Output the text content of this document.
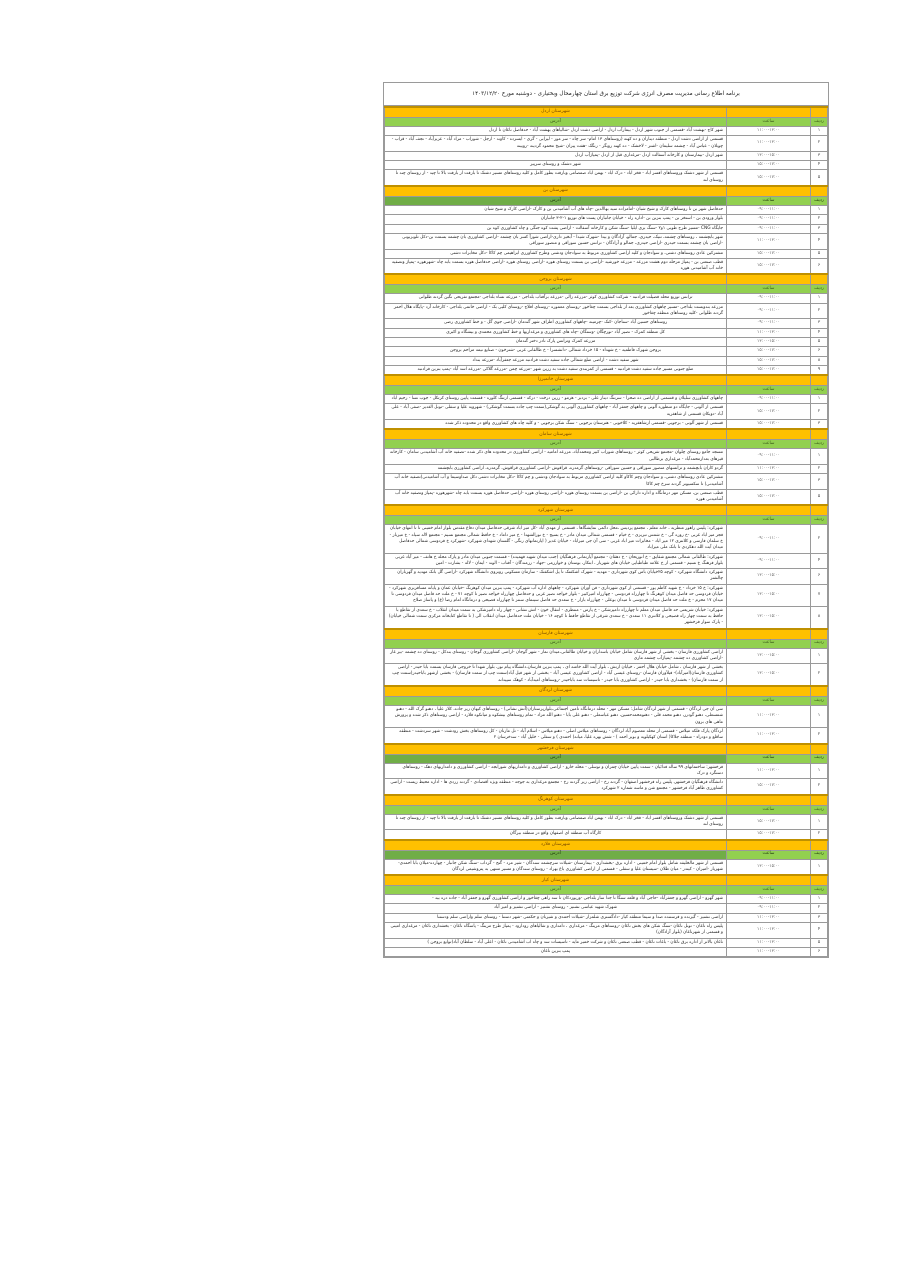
برنامه اطلاع رسانی مدیریت مصرف انرژی شرکت توزیع برق استان چهارمحال وبختیاری - دوشنبه مورخ ۱۴۰۳/۱۲/۲۰
		شهرستان اردل
ردیف	ساعت	آدرس
۱	۱۱:۰۰-۱۳:۰۰	شهر کاج -بهشت آباد -قسمتی از جنوب شهر اردل - بیمارآب اردل - اراضی دشت اردل -شالیاهای بهشت آباد - حدفاصل ناغان تا اردل
۲	۱۱:۰۰-۱۳:۰۰	قسمتی از اراضی دشت اردل - منطقه دیناران و ده کهنه (روستاهای ۱۳ امام- سر چاه - سر مور - لیرابی - گری - ایسرده - کاوند - ارجل - شوراب - مراد آباد - عزیزآباد - نجف آباد - قراب - چوبلان - عباس آباد - چشمه سلیمان -اشتر - لاخشک - ده کهنه رویگر - رنگک -هفت پیران -شیخ محمود گردینه -رویینه
۳	۱۳:۰۰-۱۵:۰۰	شهر اردل -بیمارستان و کارخانه آسفالت اردل -مرغداری قبل از اردل -پمپاژآب اردل
۴	۱۵:۰۰-۱۷:۰۰	شهر دشتک و روستای سرپیر
۵	۱۵:۰۰-۱۷:۰۰	قسمتی از شهر دشتک وروستاهای افسر اباد - فخر اباد - درک اباد - بهمن اباد صمصامی وبازفت بطور کامل و کلیه روستاهای مسیر دشتک تا بازفت از بازفت بالا تا چید - از روستای چند تا روستای لند
		شهرستان بن
ردیف	ساعت	آدرس
۱	۰۹:۰۰-۱۱:۰۰	حدفاصل شهر بن تا روستاهای کارک و شیخ شبان -امامزاده سید بهاالدین -چاه های آب آشامیدنی بن و کارک -اراضی کارک و شیخ شبان
۲	۰۹:۰۰-۱۱:۰۰	بلوار ورودی بن - استخر بن - پمپ بنزین بن -اداره راه - خیابان جانبازان پست های توزیع ۱-۲-۳ جانبازان
۳	۰۹:۰۰-۱۱:۰۰	جایگاه CNG -مسیر طرح طوبی ۱و۲ -سنگ بری ایلیا -سنگ شکن و کارخانه آسفالت - اراضی پشت کوه جنگی و چاه کشاورزی کوه بن
۴	۱۱:۰۰-۱۳:۰۰	شهر بابچشمه ، روستاهای چشمه، تنیک، حیدری، جمالو، آزادگان و بیدا -شهرک شیدا - آبخیز داری-اراضی شورآ کسر بان چشمه -اراضی کشاورزی بان چشمه بسمت بن-دکل تلویزیونی -اراضی بان چشمه بسمت حیدری -اراضی حیدری، جمالو و آزادگان - ترانس حسین سوراقی و منصور سوراقی
۵	۱۵:۰۰-۱۷:۰۰	مشترکین عادی روستاهای دشتی، و سوادجان و کلیه اراضی کشاورزی مربوط به سوادجان ودشتی وطرح کشاورزی ابراهیمی چم کاکا -دکل مخابرات دشتی
۶	۱۵:۰۰-۱۷:۰۰	قطب صنعتی بن - پمپاژ مرحله دوم هشت مزرعه - مزرعه خورشید -اراضی بن بسمت روستای هوره -اراضی روستای هوره -اراضی حدفاصل هوره بسمت بابه چاه -شهرهوره -پمپاژ وتصفیه خانه آب آشامیدنی هوره
		شهرستان بروجن
ردیف	ساعت	آدرس
۱	۰۹:۰۰-۱۱:۰۰	ترانس توزیع محله فضیلت فرادنبه - شرکت کشاورزی کوثر -مزرعه زالی -مزرعه برآفتاب بلداجی - مزرعه نساء بلداجی -مجتمع تفریحی نگین گردنه طلوانی
۲	۰۹:۰۰-۱۱:۰۰	مزرعه بندوبست بلداجی -مسیر چاههای کشاورزی بعد از بلداجی بسمت چغاخور -روستای معموره -روستای افلاج -روستای کلیی بک - اراضی خانمی بلداجی - کارخانه آرد -پایگاه هلال احمر گردنه طلوانی -کلیه روستاهای منطقه چغاخور
۳	۰۹:۰۰-۱۱:۰۰	روستاهای حسین آباد -ستاجان -کنک -چرمینه -چاههای کشاورزی اطراف شهر گندمان -اراضی جوی گل - و خط کشاورزی رضی
۴	۱۱:۰۰-۱۳:۰۰	کل منطقه کمرک - نصیر آباد -نورچگان -وستگان -چاه های کشاورزی و مرغداریها و خط کشاورزی محمدی و بیشگاه و اکبری
۵	۱۳:۰۰-۱۵:۰۰	مزرعه کمرک وترانس پارک نادر دختر گندمان
۶	۱۵:۰۰-۱۷:۰۰	بروجن شهرک فاطمیه - خ شهداء - ۱۵ خرداد شمالی -دانشسرا - خ طالقانی غربی -شترخون - صنایع نیمه مراحم بروجن
۸	۱۵:۰۰-۱۷:۰۰	شهر سفید دشت - اراضی ضلع شمالی جاده سفید دشت فرادنبه مزرعه جعفرآباد -مزرعه بنداد
۹	۱۵:۰۰-۱۷:۰۰	ضلع جنوبی مسیر جاده سفید دشت فرادنبه - قسمتی از کمربندی سفید دشت به زرین شهر -مزرعه چمن -مزرعه گلاکی -مزرعه اسد آباد -پمپ بنزین فرادنبه
		شهرستان خانمیرزا
ردیف	ساعت	آدرس
۱	۰۹:۰۰-۱۱:۰۰	چاههای کشاورزی سلیلان و قسمتی از اراضی ده صحرا - سرتنگ دینار علی - بردبر - هرمو - زرین درخت - درکه - قسمتی ازتنگ کلوره - قسمت پایین روستای کرتکل - جوب نسا - رحیم اباد
۲	۱۵:۰۰-۱۷:۰۰	قسمتی از آلونی - جایگاه دو منظوره آلونی و چاههای جعفر آباد - چاههای کشاورزی آلونی به گوشکی(سمت چپ جاده بسمت گوشکی) - شهرویه علیا و سفلی -تونل الغدیر -صفی آباد - علی آباد -دوبکان قسمتی از شاهغریه
۳	۱۵:۰۰-۱۷:۰۰	قسمتی از شهر آلونی - برجویی -قسمتی ازشاهغریه - کلاخوبی - هنرستان برجویی - سنگ شکن برجویی - و کلیه چاه های کشاورزی واقع در محدوده ذکر شده
		شهرستان سامان
ردیف	ساعت	آدرس
۱	۰۹:۰۰-۱۱:۰۰	مسجد جامع روستای چلوان -مجتمع تفریحی کوثر - روستاهای شوراب کبیر ومحمدآباد، مزرعه امامیه - اراضی کشاورزی در محدوده های ذکر شده -تصفیه خانه آب آشامیدنی سامان - کارخانه قیرهای بعدازمحمدآباد - مرغداری برطالبی
۲	۱۱:۰۰-۱۳:۰۰	گردو کاران بابچشمه و ترانسهای منصور سوراقی و حسین سوراقی -روستاهای گرمدره، قراقوش -اراضی کشاورزی قراقوش، گرمدره، اراضی کشاورزی بابچشمه
۳	۱۵:۰۰-۱۷:۰۰	مشترکین عادی روستاهای دشتی، و سوادجان وچم کاکاو کلیه اراضی کشاورزی مربوط به سوادجان ودشتی و چم کاکا -دکل مخابرات دشتی دکل صداوسیما و آب آشامیدنی(تصفیه خانه آب آشامیدنی) تا سکسیونر گردنه سرخ چم کاکا
۵	۱۵:۰۰-۱۷:۰۰	قطب صنعتی بن، مسکن مهر درمانگاه و اداره دارائی بن -اراضی بن بسمت روستای هوره -اراضی روستای هوره -اراضی حدفاصل هوره بسمت بابه چاه -شهرهوره -پمپاژ وتصفیه خانه آب آشامیدنی هوره
		شهرستان شهرکرد
ردیف	ساعت	آدرس
۲	۰۹:۰۰-۱۱:۰۰	شهرکرد: پلیس راهور منظریه ، خانه معلم ، مجتمع پردیس ،محل دائمی نمایشگاها ، قسمتی از مهدی آباد -کل میر اباد شرقی حدفاصل میدان دفاع مقدس بلوار امام خمینی تا تا انتهای خیابان فجر میر اباد غربی -خ روزه گی - خ شمس تبریزی - خ خیام - قسمتی شمالی میدان مادر - خ بسیج - خ نورالشهدا - خ میر داماد - خ حافظ شمالی مجتمع نسیم - مجتمع لاله سیاه - خ میرباز - خ سلمان فارسی و کلانتری ۱۲ میر اباد - مخابرات میر اباد غربی - سی آن جی میراباد - خیابان غدیر ( اپارتمانهای رنگی - گلستان شهدای شهرکرد -شهرکرد خ فردوسی شمالی حدفاصل میدان آیت الله دهکردی تا بانک ملی میراباد
۴	۰۹:۰۰-۱۱:۰۰	شهرکرد: طالقانی شمالی مجتمع شقایق - خ انوریحان - خ دهقان - مجتمع آپارتمانی فرهنگیان (جنب میدان شهید فهمیده) - قسمت جنوبی میدان مادر و پارک محله خ هاتف - میر آباد غربی بلوار فرهنگ خ نسیم - قسمتی از خ علامه طباطبایی خیابان های شهریار ، ابتکار، بوستان و خوارزمی -جهاد - رزمندگان - آفتاب - الوند - ایمان - لاله - بشارت - امین
۶	۱۳:۰۰-۱۵:۰۰	شهرکرد دانشگاه شهرکرد - کوچه ۲۵خیابان باس کوی شهرداری - مهدیه - شهرک اشکفتک تا پل اشکفتک - سازمان مسکونی روبروی دانشگاه شهرکرد -اراضی گل بانک مهدیه و گهرباران چالشتر
۷	۱۳:۰۰-۱۵:۰۰	شهرکرد: خ ۱۵ خرداد - خ شهید کاظم پور - قسمتی از کوی شهرداری - فن آوران شهرکرد - چاههای اداره آب شهرکرد - پمپ بنزین میدان کوهرنگ -خیابان عمان و پایانه مسافربری شهرکرد - خیابان فردوسی حد فاصل میدان کوهرنگ تا چهارراه فردوسی - چهارراه امیرکبیر - بلوار خواجه نصیر غربی و حدفاصل چهارراه خواجه نصیر تا کوچه ۷۱ - خ ملت حد فاصل میدان فردوسی تا میدان ۱۷ محرم - خ ملت حد فاصل میدان فردوسی تا میدان بوعلی - چهارراه بازار - خ سعدی حد فاصل سینمای سنتز تا چهارراه فصیحی و درمانگاه امام رضا (ع) و پاساژ صلاح
۸	۱۳:۰۰-۱۵:۰۰	شهرکرد: خیابان شریعتی حد فاصل میدان معلم تا چهارراه دامپزشکی - خ پارس - منتظری - انتقال خون - اتش نشانی - چهار راه دامپزشکی به سمت میدان انقلاب - خ سعدی از تقاطع با حافظ به سمت چهار راه فصیحی و کلانتری ۱۱ سعدی - خ سعدی شرقی از تقاطع حافظ تا کوچه ۱۶ - خیابان ملت حدفاصل میدان انقلاب الی ( تا تقاطع کتابخانه مرکزی سمت شمالی خیابان) - پارک سوار فرخشهر
		شهرستان فارسان
ردیف	ساعت	آدرس
۱	۱۳:۰۰-۱۵:۰۰	اراضی کشاورزی فارسان - بخشی از شهر فارسان شامل خیابان باسداران و خیابان طالقانی،میدان نماز - شهر گوجان -اراضی کشاورزی گوجان - روستای بندکل - روستای ده چشمه -بیر غار -اراضی کشاورزی ده چشمه -پمپاژآب چشمه ماری
۲	۱۳:۰۰-۱۵:۰۰	بخشی از شهر فارسان ، شامل خیابان هلال احمر ، خیابان ارتش ، بلوار آیت الله خامنه ای ، پمپ بنزین فارسان،دانشگاه پیام نور، بلوار شهدا تا خروجی فارسان بسمت بابا حیدر - اراضی کشاورزی فارسان(امیرآباد)- فیلآوران فارسان -روستای عیسی آباد - اراضی کشاورزی عیسی آباد - بخشی از شهر فیل آباد(سمت چپ از سمت فارسان) - بخشی ازشهر باباحیدر(سمت چپ از سمت فارسان) - بخشداری بابا حیدر - اراضی کشاورزی بابا حیدر - تاسیسات سد باباحیدر -روستاهای امیدآباد - کوهک سپیدانه
		شهرستان لردگان
ردیف	ساعت	آدرس
۱	۱۱:۰۰-۱۳:۰۰	سی ان جی لردگان - قسمتی از شهر لردگان شامل: مسکن مهر - محله درمانگاه تامین اجتماعی،بلوارپرستاران(آتش نشانی) - روستاهای کیهان زیر جاده، کلار علیا ، دهنو گرک الله - دهنو شمسعلی، دهنو گودرز، دهنو محمد قلی - دهنومحمدحسین، دهنو عباسعلی - دهنو علی بابا - دهنو الله مراد - تمام روستاهای بیشکوه و میانکوه فلارد - اراضی روستاهای ذکر شده و پرورش ماهی های برون
۲	۱۱:۰۰-۱۳:۰۰	لردگان پارک فلکه میلاس - قسمتی از محله معصوم آباد لردگان - روستاهای میلاس اصلی - دهنو میلاس - اسلام آباد - تل مارنان - کل روستاهای بخش رودشت - شهر سردشت - منطقه ساقلع و دودراء - منطقه جلاکا( استان کهکیلویه و بویر احمد ) - شش بهره علیا، میانه( احمدی ) و سفلی - خلیل آباد - سدخرسان ۲
		شهرستان فرخشهر
ردیف	ساعت	آدرس
۱	۱۱:۰۰-۱۳:۰۰	فرخشهر: ساختمانهای ۹۹ ساله فدائیان - سمت پایین خیابان چمران و توسلی - محله خارو - اراضی کشاورزی و دامداریهای شورابجه - اراضی کشاورزی و دامداریهای دهک - روستاهای دستگرد و درک
۲	۱۵:۰۰-۱۷:۰۰	دانشگاه فرهنگیان فرخشهر، پلیس راه فرخشهر اصفهان - گردنه رخ - اراضی زیر گردنه رخ - مجتمع مرغداری به جوجه - منطقه ویژه اقتصادی - گردنه زردی ها - اداره محیط زیست - اراضی کشاورزی طاهر آباد فرخشهر - مجتمع شن و ماسه شماره ۲ شهرکرد
		شهرستان کوهرنگ
ردیف	ساعت	آدرس
۱	۱۵:۰۰-۱۷:۰۰	قسمتی از شهر دشتک وروستاهای افسر اباد - فخر اباد - درک اباد - بهمن اباد صمصامی وبازفت بطور کامل و کلیه روستاهای مسیر دشتک تا بازفت از بازفت بالا تا چید - از روستای چند تا روستای لند
۲	۱۵:۰۰-۱۷:۰۰	کارگاه آب منطقه ای اصفهان واقع در منطقه بیرگان
		شهرستان فلارد
ردیف	ساعت	آدرس
۱	۱۳:۰۰-۱۵:۰۰	قسمتی از شهر مالخلیفه شامل بلوار امام خمینی - اداره برق -بخشداری - بیمارستان -شیلات سرچشمه سندگان - شیر مرد - گنج - گرداب -سنگ شکن جانباز - چهارده-میلان بابا احمدی-شهریار -امیران - کیتدر - میان طلان -سیستان علیا و سفلی - قسمتی از اراضی کشاورزی باغ بهراد - روستای سندگان و مسیر منتهی به پتروشیمی لردگان
		شهرستان کیار
ردیف	ساعت	آدرس
۱	۰۹:۰۰-۱۱:۰۰	شهر گهرو - اراضی گهرو و جعفرآباد -حاجی آباد و قلعه سنگا تا جدا ساز بلداجی -ورپوزدکان تا سه راهی چغاخور و اراضی کشاورزی گهرو و جعفر آباد - جاده دره بید -
۲	۰۹:۰۰-۱۱:۰۰	شهرک شهید عباسی نشنیز - روستای نشنیز - اراضی نشنیز و امیر آباد
۳	۱۱:۰۰-۱۳:۰۰	اراضی نشنیز - گیرنده و فرستنده صدا و سیما منطقه کیار -دادگستری شلمزار -شیلات احمدی و شیربان و حکمتی -شهر دستنا - روستای سلم واراضی سلم ودستنا
۴	۱۱:۰۰-۱۳:۰۰	پلیس راه ناغان - تونل ناغان -سنگ شکن های بخش ناغان -روستاهای مرینگ - مرغداری ، دامداری و شالیاهای رودارود - پمپاژ طرح مرینگ - پاسگاه ناغان - بخشداری ناغان - مرغداری امینی و قسمتی از شهرناغان (بلوار آزادگان)
۵	۱۱:۰۰-۱۳:۰۰	ناغان بالاتر از اداره برق ناغان - باغات ناغان - قطب صنعتی ناغان و شرکت خمیر مایه - تاسیسات سد و چاه اب اشامیدنی ناغان - اعلی آباد - سلطان آباد(توابع بروجن )
۶	۱۱:۰۰-۱۳:۰۰	پمپ بنزین ناغان
